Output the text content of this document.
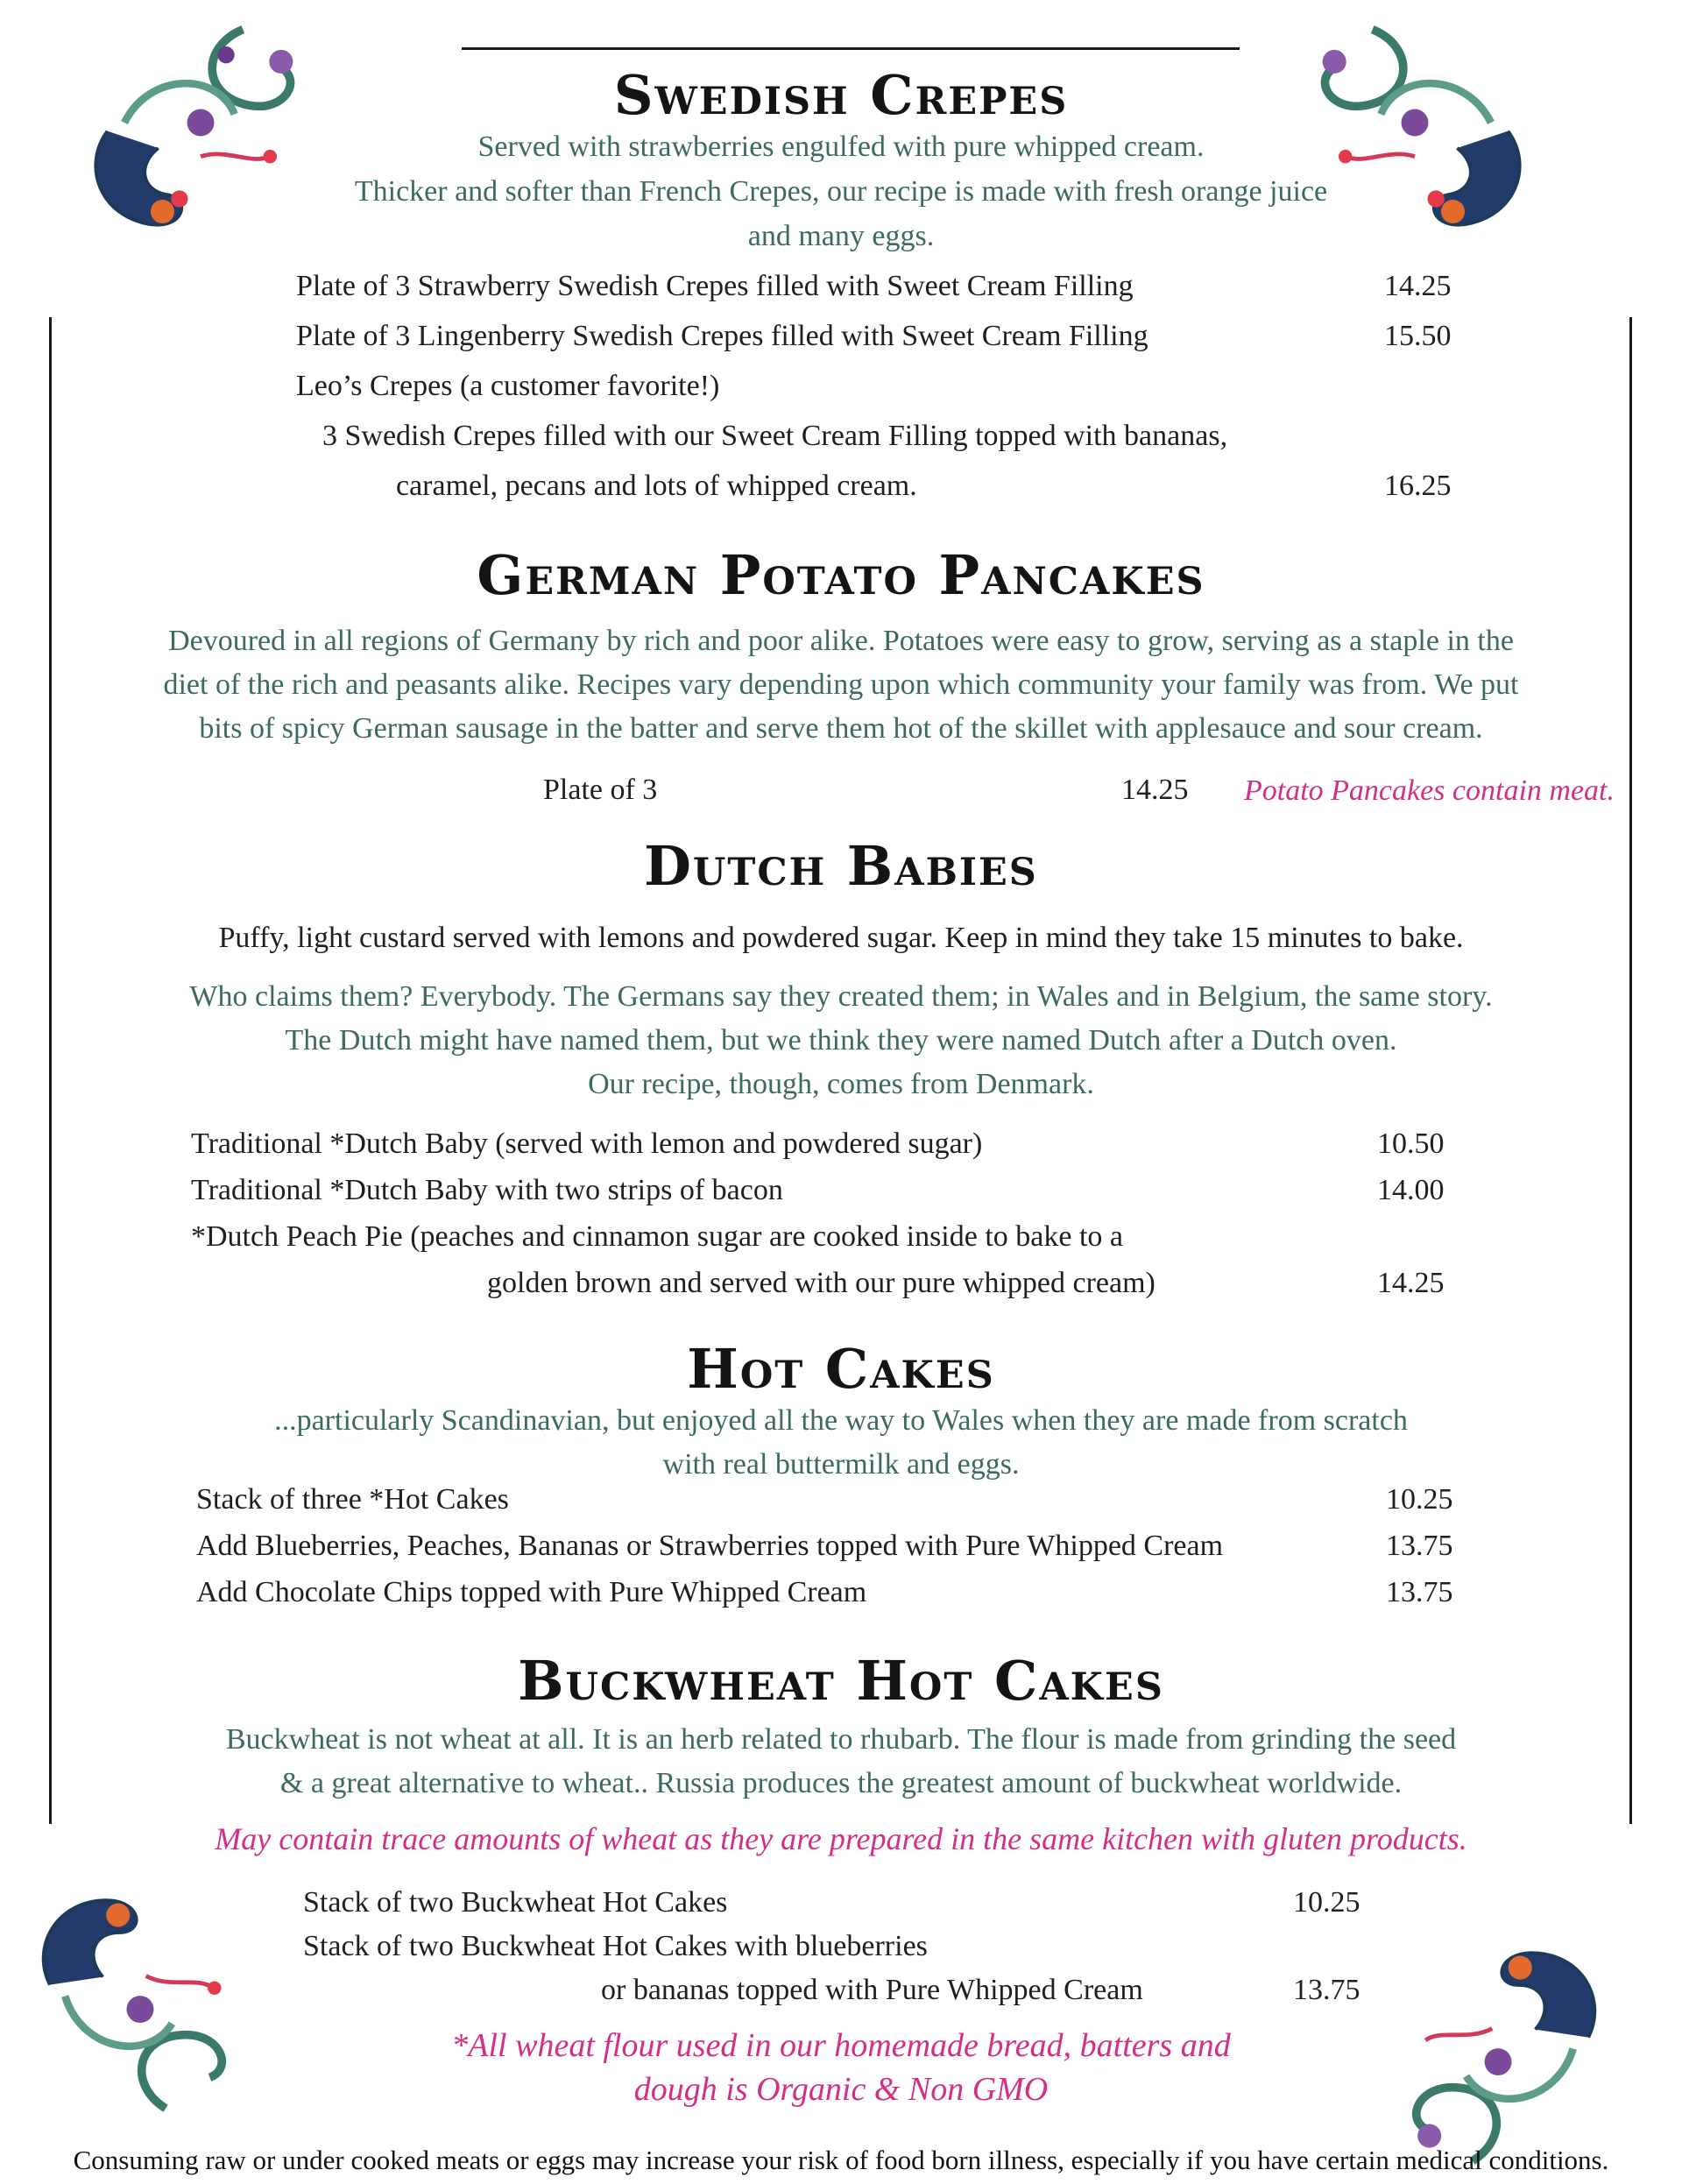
Swedish Crepes

Served with strawberries engulfed with pure whipped cream.

Thicker and softer than French Crepes, our recipe is made with fresh orange juice

and many eggs.

Plate of 3 Strawberry Swedish Crepes filled with Sweet Cream Filling	14.25
Plate of 3 Lingenberry Swedish Crepes filled with Sweet Cream Filling	15.50
Leo’s Crepes (a customer favorite!)
3 Swedish Crepes filled with our Sweet Cream Filling topped with bananas,
caramel, pecans and lots of whipped cream.	16.25
German Potato Pancakes

Devoured in all regions of Germany by rich and poor alike. Potatoes were easy to grow, serving as a staple in the

diet of the rich and peasants alike. Recipes vary depending upon which community your family was from. We put

bits of spicy German sausage in the batter and serve them hot of the skillet with applesauce and sour cream.

Plate of 3	14.25 Potato Pancakes contain meat.
Dutch Babies

Puffy, light custard served with lemons and powdered sugar. Keep in mind they take 15 minutes to bake.

Who claims them? Everybody. The Germans say they created them; in Wales and in Belgium, the same story.

The Dutch might have named them, but we think they were named Dutch after a Dutch oven.

Our recipe, though, comes from Denmark.

Traditional *Dutch Baby (served with lemon and powdered sugar)	10.50
Traditional *Dutch Baby with two strips of bacon	14.00
*Dutch Peach Pie (peaches and cinnamon sugar are cooked inside to bake to a
golden brown and served with our pure whipped cream)	14.25
Hot Cakes

...particularly Scandinavian, but enjoyed all the way to Wales when they are made from scratch

with real buttermilk and eggs.

Stack of three *Hot Cakes	10.25
Add Blueberries, Peaches, Bananas or Strawberries topped with Pure Whipped Cream	13.75
Add Chocolate Chips topped with Pure Whipped Cream	13.75
Buckwheat Hot Cakes

Buckwheat is not wheat at all. It is an herb related to rhubarb. The flour is made from grinding the seed

& a great alternative to wheat.. Russia produces the greatest amount of buckwheat worldwide.

May contain trace amounts of wheat as they are prepared in the same kitchen with gluten products.

Stack of two Buckwheat Hot Cakes	10.25
Stack of two Buckwheat Hot Cakes with blueberries
or bananas topped with Pure Whipped Cream	13.75

*All wheat flour used in our homemade bread, batters and

dough is Organic & Non GMO

Consuming raw or under cooked meats or eggs may increase your risk of food born illness, especially if you have certain medical conditions.
